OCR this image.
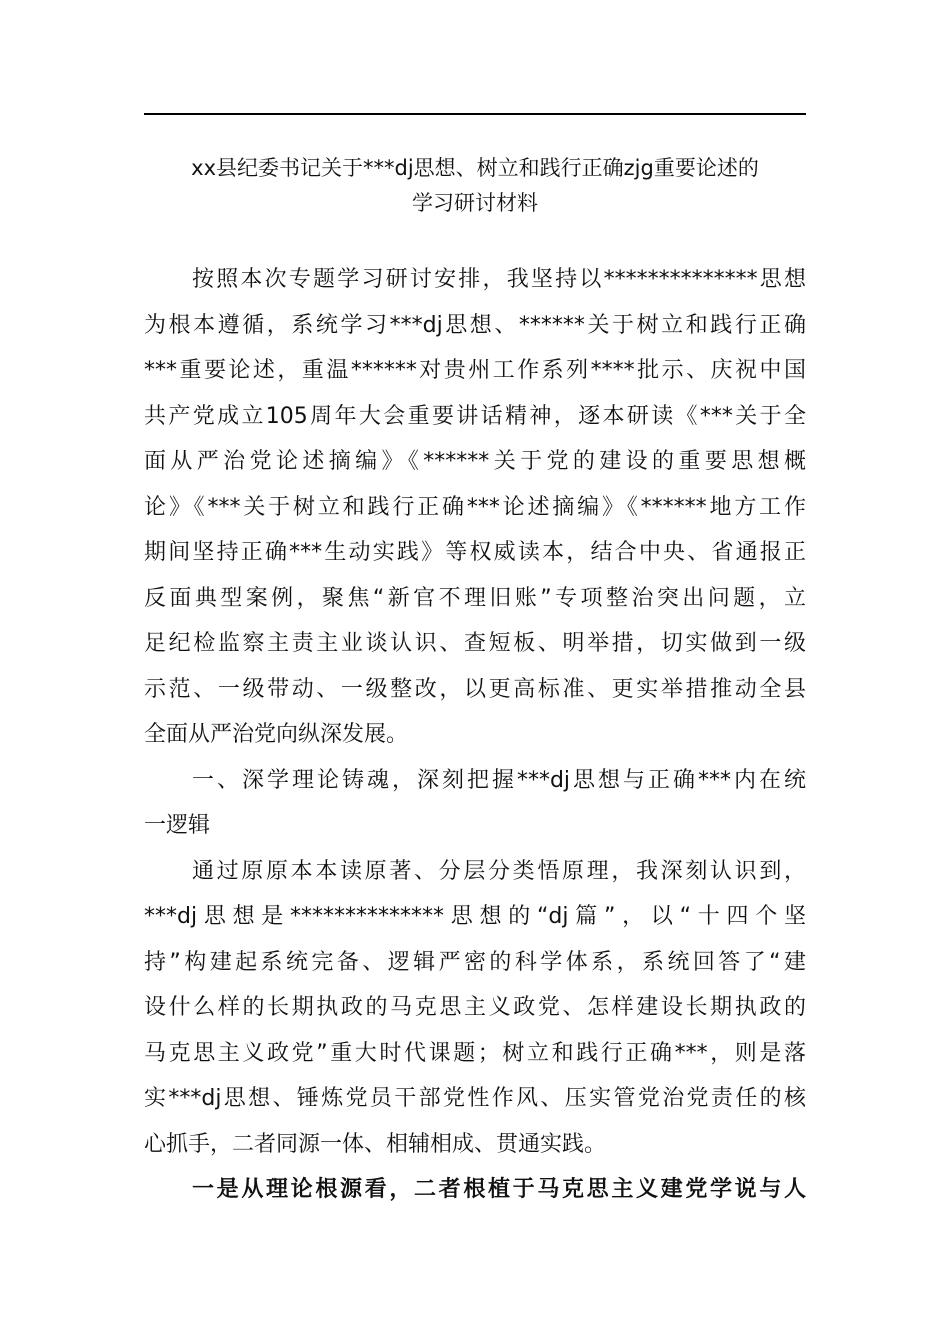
xx县纪委书记关于***dj思想、树立和践行正确zjg重要论述的
学习研讨材料

按照本次专题学习研讨安排，我坚持以**************思想
为根本遵循，系统学习***dj思想、******关于树立和践行正确
***重要论述，重温******对贵州工作系列****批示、庆祝中国
共产党成立105周年大会重要讲话精神，逐本研读《***关于全
面从严治党论述摘编》《******关于党的建设的重要思想概
论》《***关于树立和践行正确***论述摘编》《******地方工作
期间坚持正确***生动实践》等权威读本，结合中央、省通报正
反面典型案例，聚焦“新官不理旧账”专项整治突出问题，立
足纪检监察主责主业谈认识、查短板、明举措，切实做到一级
示范、一级带动、一级整改，以更高标准、更实举措推动全县
全面从严治党向纵深发展。

一、深学理论铸魂，深刻把握***dj思想与正确***内在统
一逻辑

通过原原本本读原著、分层分类悟原理，我深刻认识到，
***dj思想是**************思想的“dj篇”，以“十四个坚
持”构建起系统完备、逻辑严密的科学体系，系统回答了“建
设什么样的长期执政的马克思主义政党、怎样建设长期执政的
马克思主义政党”重大时代课题；树立和践行正确***，则是落
实***dj思想、锤炼党员干部党性作风、压实管党治党责任的核
心抓手，二者同源一体、相辅相成、贯通实践。

一是从理论根源看，二者根植于马克思主义建党学说与人
